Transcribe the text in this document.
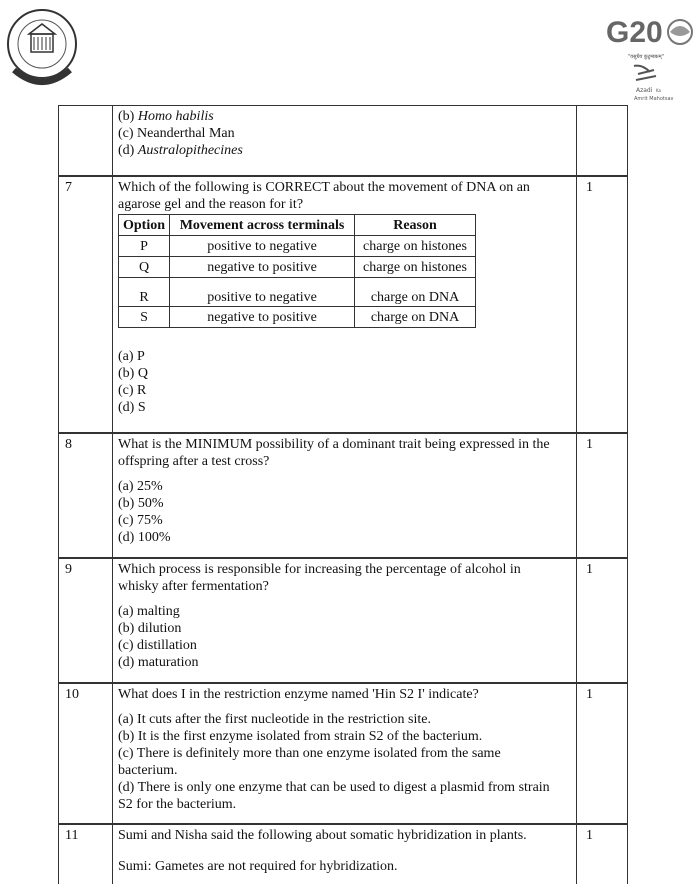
G20
"वसुधैव कुटुम्बकम्"
Azadi Ka
Amrit Mahotsav
(b) Homo habilis
(c) Neanderthal Man
(d) Australopithecines
7	Which of the following is CORRECT about the movement of DNA on an
agarose gel and the reason for it?
Option	Movement across terminals	Reason
P	positive to negative	charge on histones
Q	negative to positive	charge on histones
R	positive to negative	charge on DNA
S	negative to positive	charge on DNA
(a) P
(b) Q
(c) R
(d) S
1
8	What is the MINIMUM possibility of a dominant trait being expressed in the
offspring after a test cross?
(a) 25%
(b) 50%
(c) 75%
(d) 100%
1
9	Which process is responsible for increasing the percentage of alcohol in
whisky after fermentation?
(a) malting
(b) dilution
(c) distillation
(d) maturation
1
10	What does I in the restriction enzyme named 'Hin S2 I' indicate?
(a) It cuts after the first nucleotide in the restriction site.
(b) It is the first enzyme isolated from strain S2 of the bacterium.
(c) There is definitely more than one enzyme isolated from the same
bacterium.
(d) There is only one enzyme that can be used to digest a plasmid from strain
S2 for the bacterium.
1
11	Sumi and Nisha said the following about somatic hybridization in plants.
Sumi: Gametes are not required for hybridization.
1
